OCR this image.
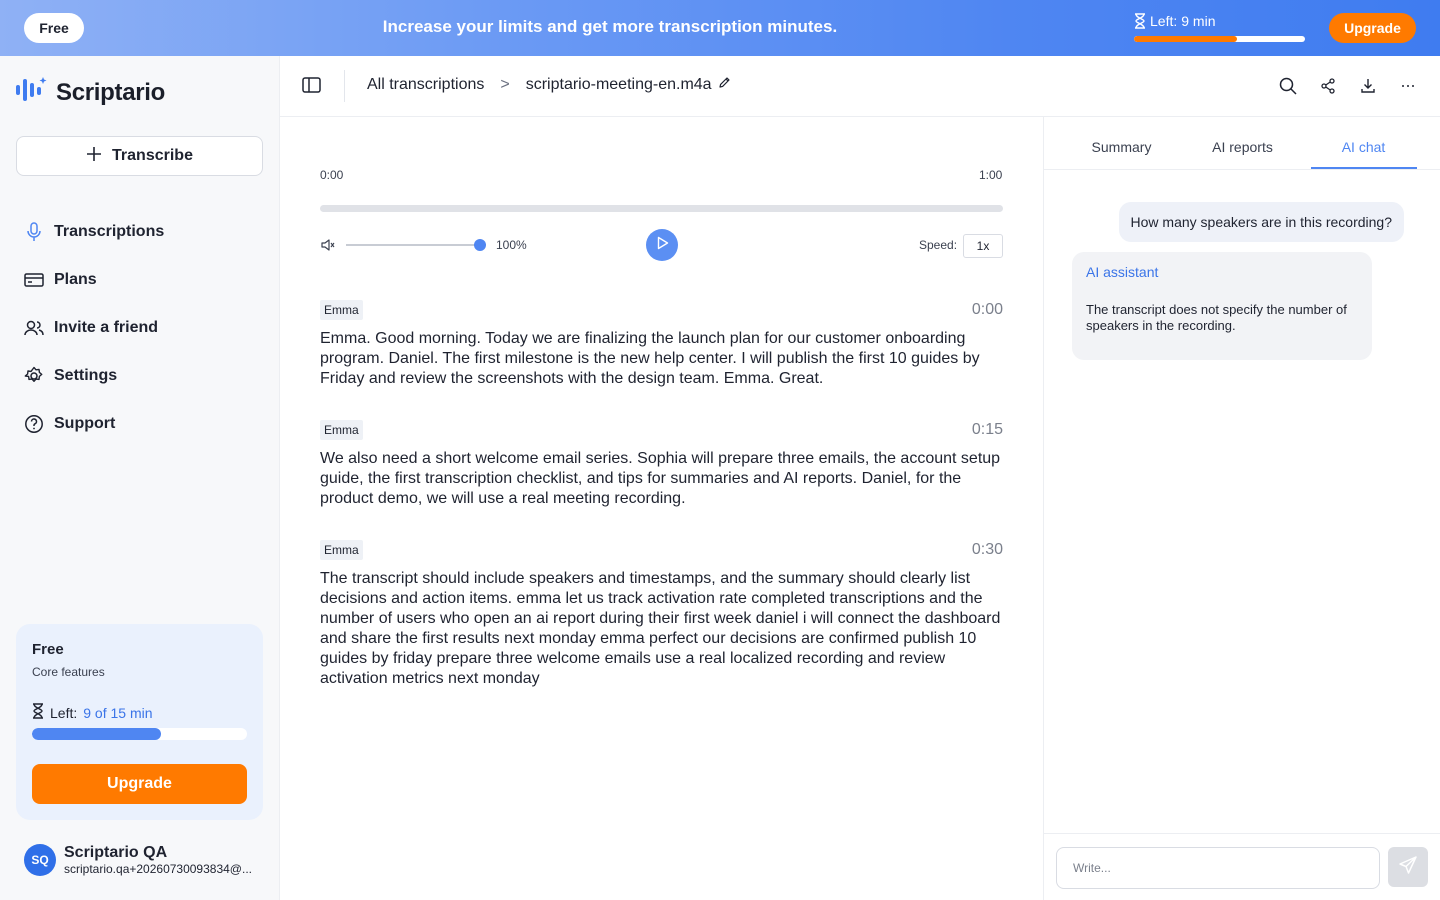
Free	Increase your limits and get more transcription minutes.	Left: 9 min	Upgrade
Scriptario
Transcribe
Transcriptions
Plans
Invite a friend
Settings
Support
Free
Core features
Left: 9 of 15 min
Upgrade
SQ Scriptario QA
scriptario.qa+20260730093834@...
All transcriptions > scriptario-meeting-en.m4a
0:00	1:00
100%	Speed:	1x
Emma	0:00
Emma. Good morning. Today we are finalizing the launch plan for our customer onboarding program. Daniel. The first milestone is the new help center. I will publish the first 10 guides by Friday and review the screenshots with the design team. Emma. Great.
Emma	0:15
We also need a short welcome email series. Sophia will prepare three emails, the account setup guide, the first transcription checklist, and tips for summaries and AI reports. Daniel, for the product demo, we will use a real meeting recording.
Emma	0:30
The transcript should include speakers and timestamps, and the summary should clearly list decisions and action items. emma let us track activation rate completed transcriptions and the number of users who open an ai report during their first week daniel i will connect the dashboard and share the first results next monday emma perfect our decisions are confirmed publish 10 guides by friday prepare three welcome emails use a real localized recording and review activation metrics next monday
Summary	AI reports	AI chat
How many speakers are in this recording?
AI assistant
The transcript does not specify the number of speakers in the recording.
Write...
